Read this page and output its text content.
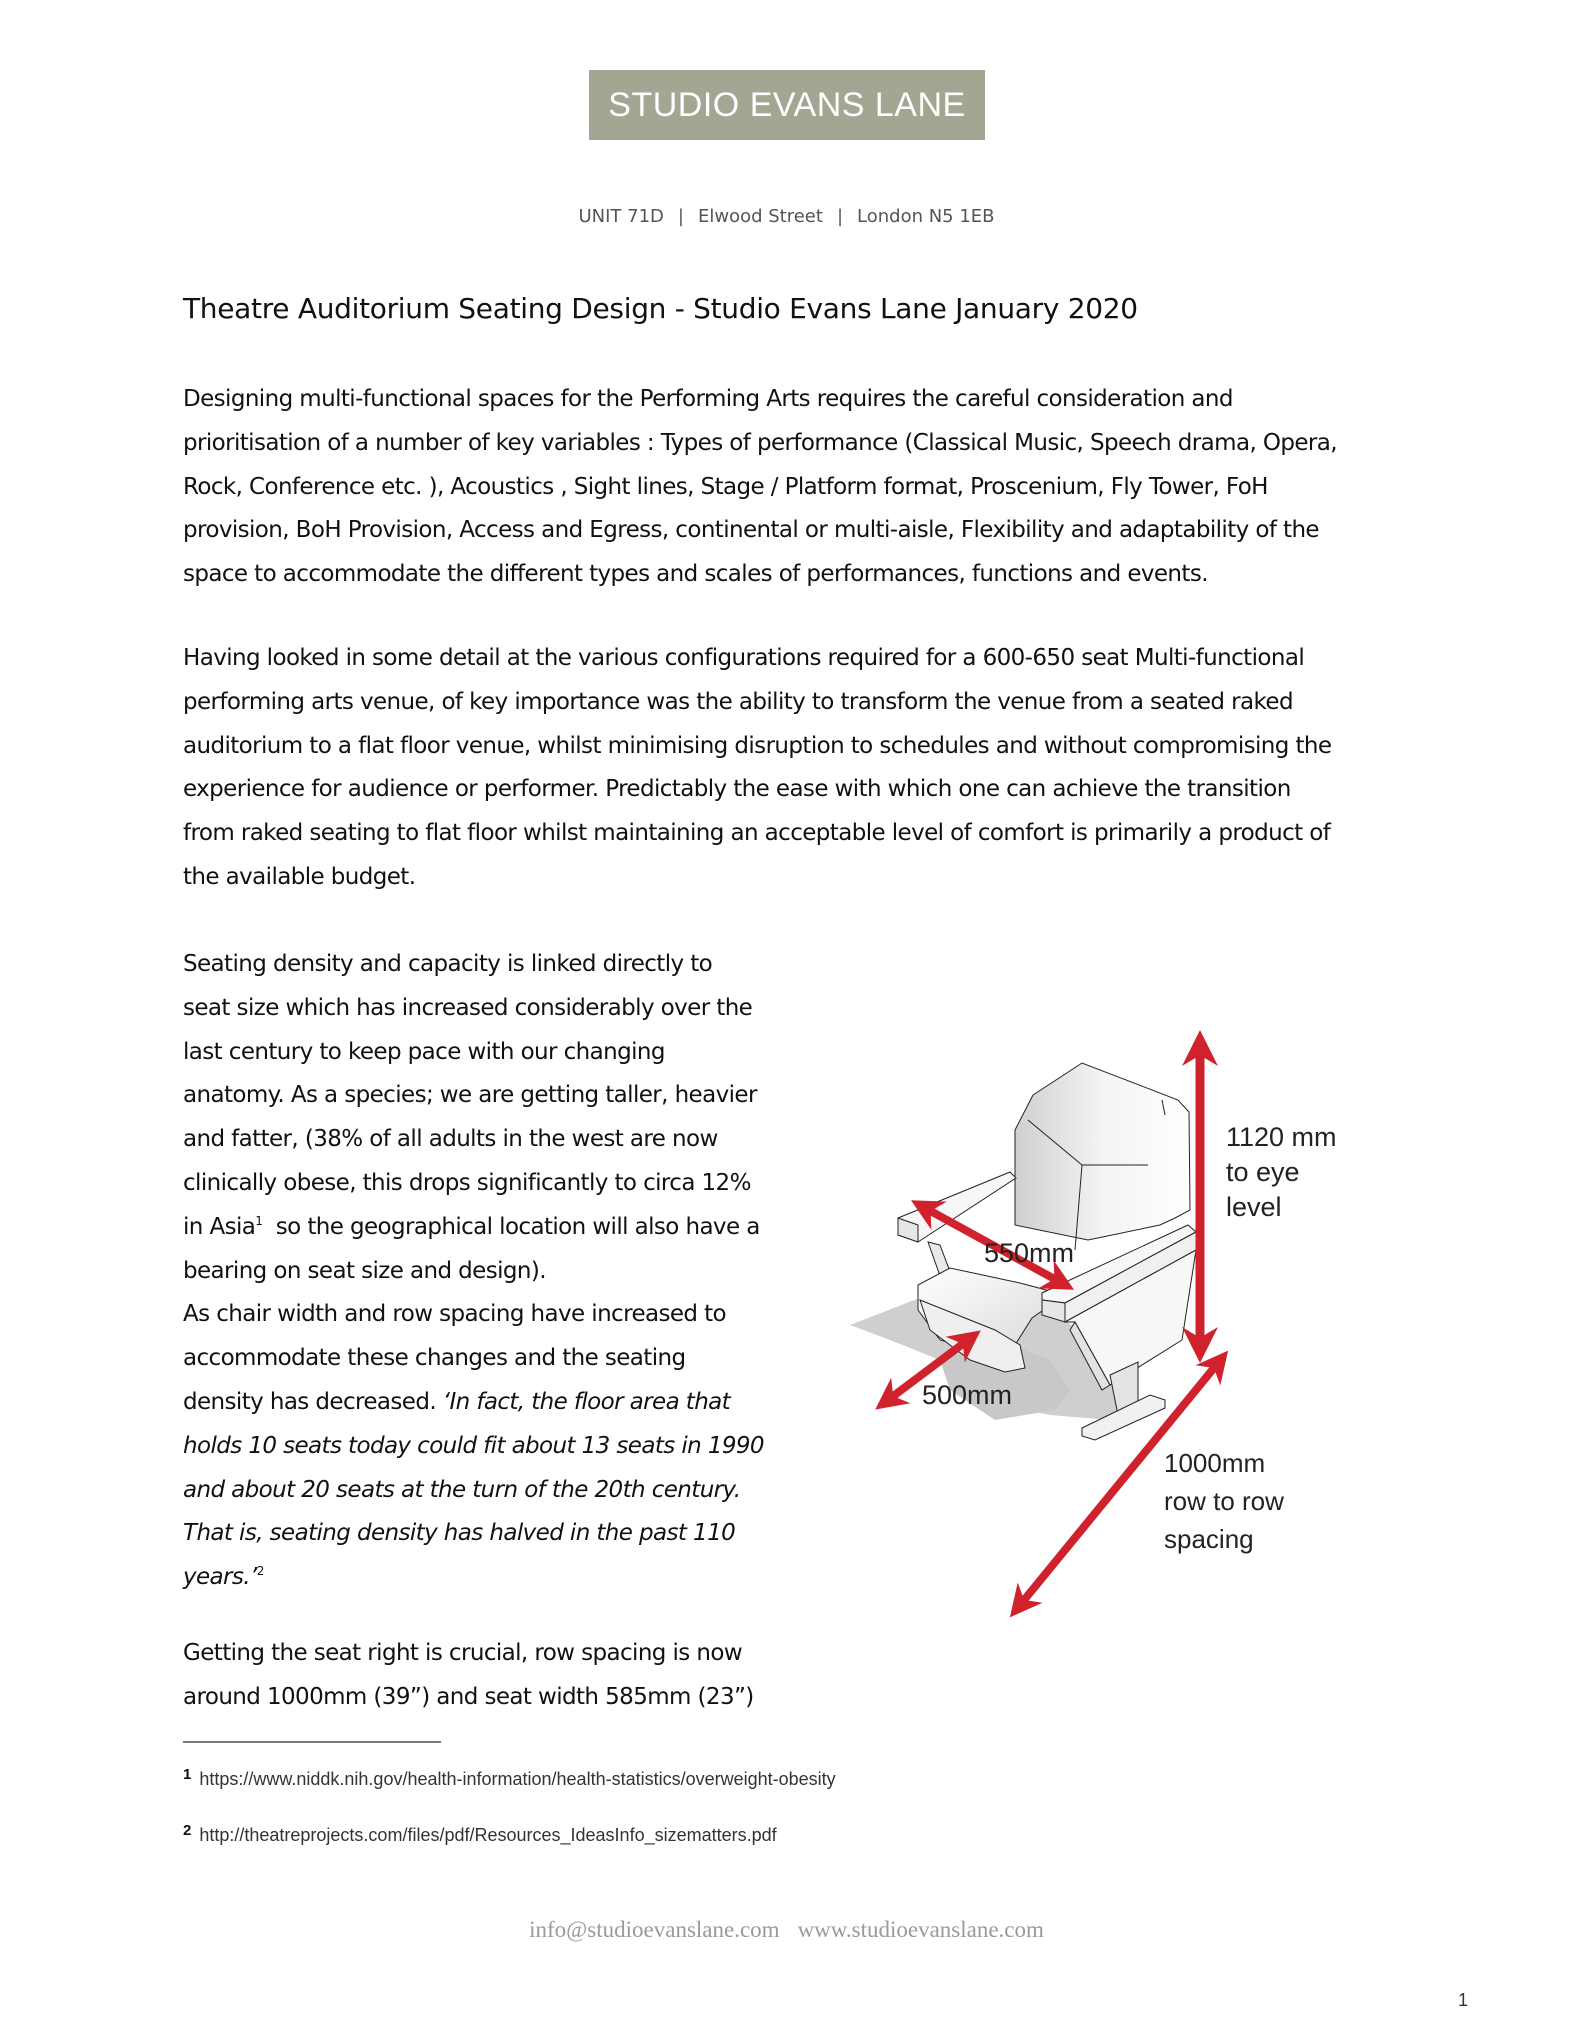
STUDIO EVANS LANE
UNIT 71D | Elwood Street | London N5 1EB
Theatre Auditorium Seating Design - Studio Evans Lane January 2020
Designing multi-functional spaces for the Performing Arts requires the careful consideration and
prioritisation of a number of key variables : Types of performance (Classical Music, Speech drama, Opera,
Rock, Conference etc. ), Acoustics , Sight lines, Stage / Platform format, Proscenium, Fly Tower, FoH
provision, BoH Provision, Access and Egress, continental or multi-aisle, Flexibility and adaptability of the
space to accommodate the different types and scales of performances, functions and events.
Having looked in some detail at the various configurations required for a 600-650 seat Multi-functional
performing arts venue, of key importance was the ability to transform the venue from a seated raked
auditorium to a flat floor venue, whilst minimising disruption to schedules and without compromising the
experience for audience or performer. Predictably the ease with which one can achieve the transition
from raked seating to flat floor whilst maintaining an acceptable level of comfort is primarily a product of
the available budget.
Seating density and capacity is linked directly to
seat size which has increased considerably over the
last century to keep pace with our changing
anatomy. As a species; we are getting taller, heavier
and fatter, (38% of all adults in the west are now
clinically obese, this drops significantly to circa 12%
in Asia$^1$  so the geographical location will also have a
bearing on seat size and design).
As chair width and row spacing have increased to
accommodate these changes and the seating
density has decreased. ‘In fact, the floor area that
holds 10 seats today could fit about 13 seats in 1990
and about 20 seats at the turn of the 20th century.
That is, seating density has halved in the past 110
years.’$^2$
Getting the seat right is crucial, row spacing is now
around 1000mm (39”) and seat width 585mm (23”)
550mm
500mm
1120 mm
to eye
level
1000mm
row to row
spacing
$^1$ https://www.niddk.nih.gov/health-information/health-statistics/overweight-obesity
$^2$ http://theatreprojects.com/files/pdf/Resources_IdeasInfo_sizematters.pdf
info@studioevanslane.com www.studioevanslane.com
1
